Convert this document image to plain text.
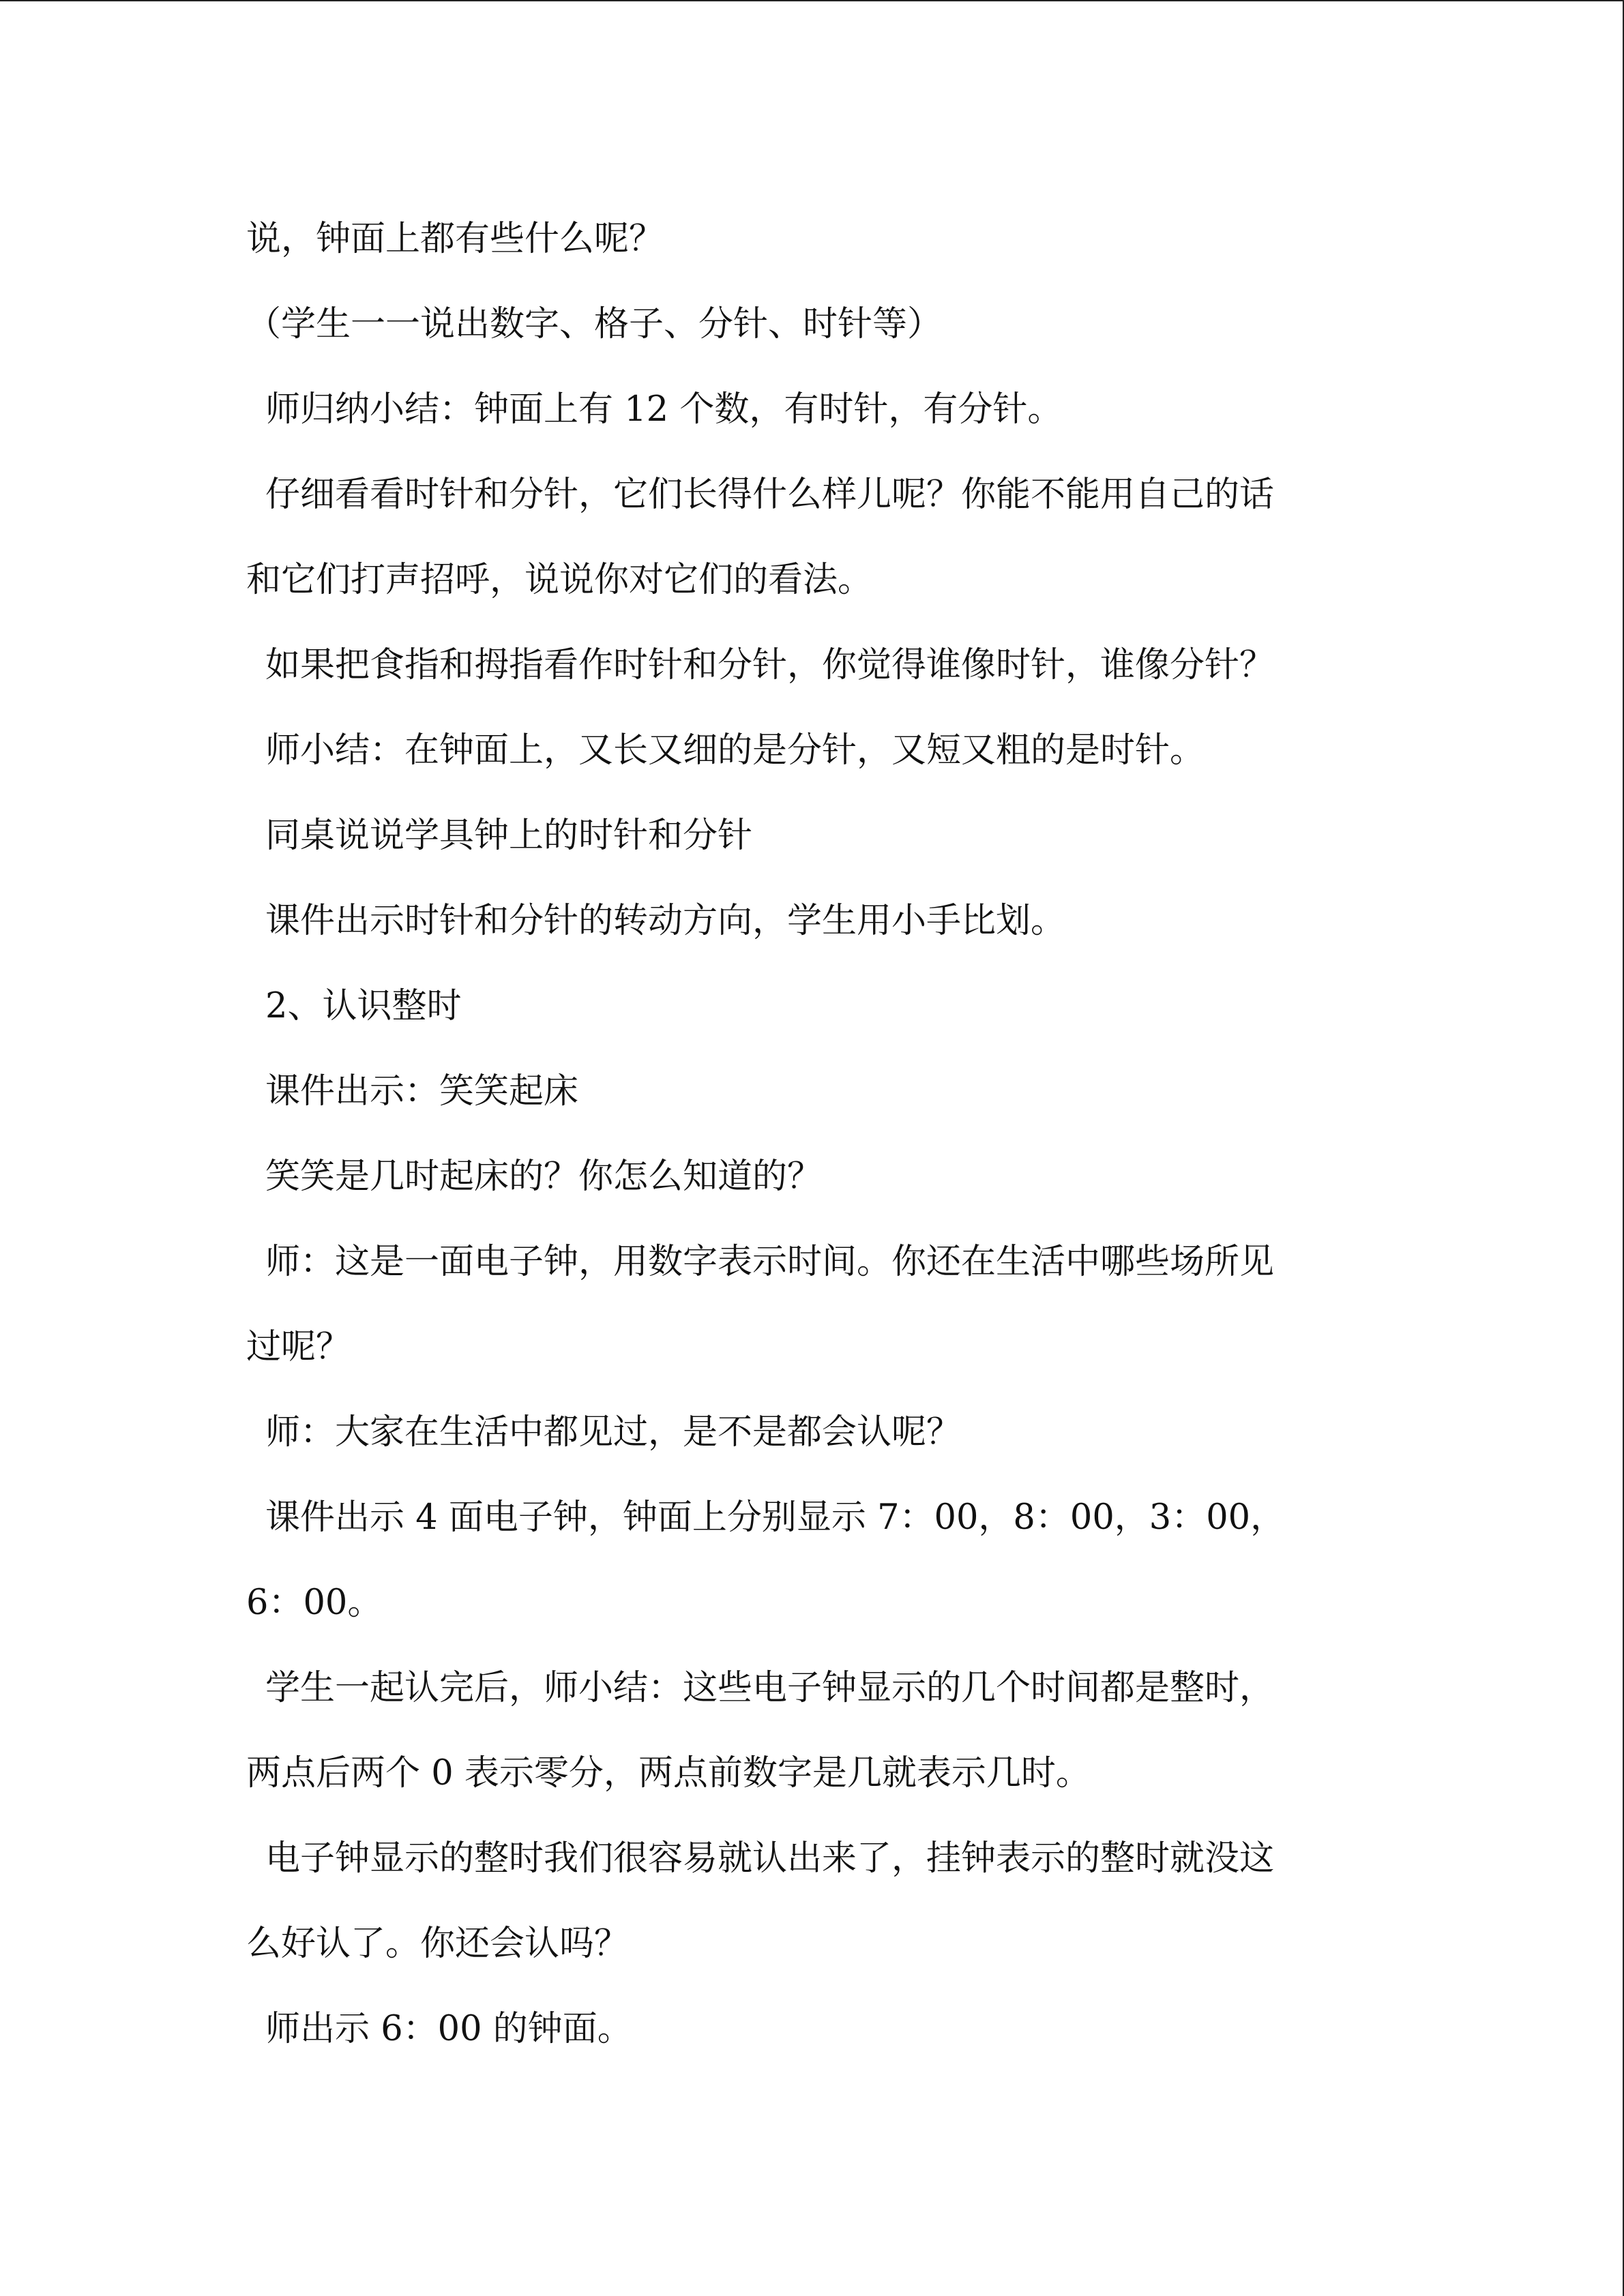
说，钟面上都有些什么呢？
（学生一一说出数字、格子、分针、时针等）
师归纳小结：钟面上有 12 个数，有时针，有分针。
仔细看看时针和分针，它们长得什么样儿呢？你能不能用自己的话
和它们打声招呼，说说你对它们的看法。
如果把食指和拇指看作时针和分针，你觉得谁像时针，谁像分针？
师小结：在钟面上，又长又细的是分针，又短又粗的是时针。
同桌说说学具钟上的时针和分针
课件出示时针和分针的转动方向，学生用小手比划。
2、认识整时
课件出示：笑笑起床
笑笑是几时起床的？你怎么知道的？
师：这是一面电子钟，用数字表示时间。你还在生活中哪些场所见
过呢？
师：大家在生活中都见过，是不是都会认呢？
课件出示 4 面电子钟，钟面上分别显示 7：00，8：00，3：00，
6：00。
学生一起认完后，师小结：这些电子钟显示的几个时间都是整时，
两点后两个 0 表示零分，两点前数字是几就表示几时。
电子钟显示的整时我们很容易就认出来了，挂钟表示的整时就没这
么好认了。你还会认吗？
师出示 6：00 的钟面。
